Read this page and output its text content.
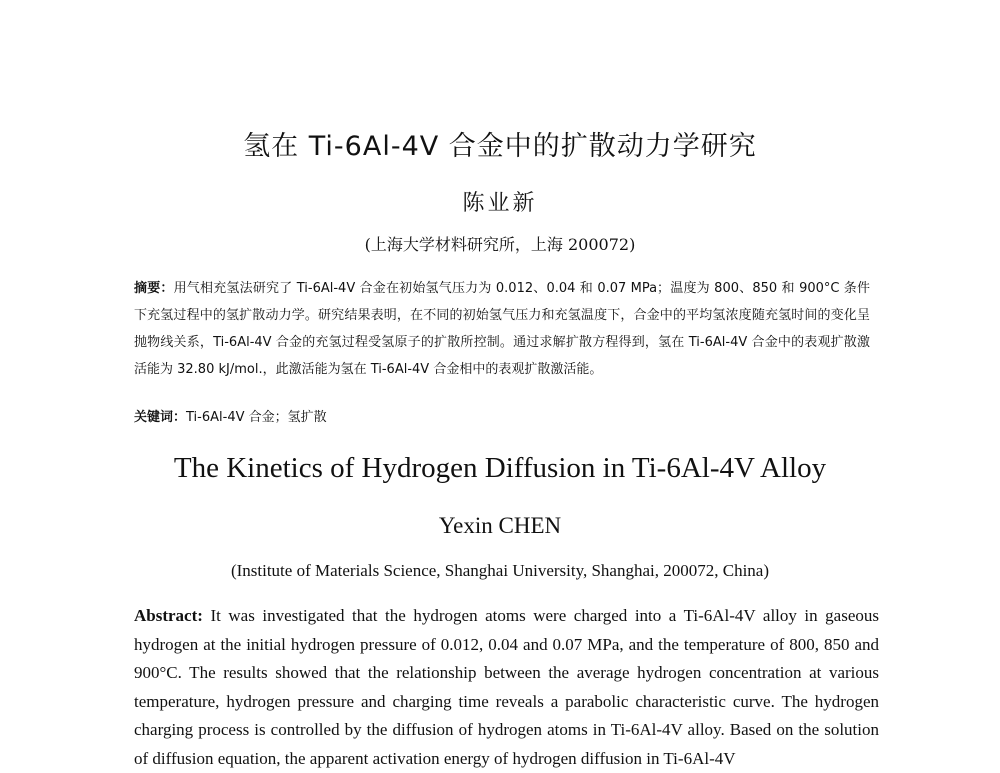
氢在 Ti-6Al-4V 合金中的扩散动力学研究
陈业新
(上海大学材料研究所，上海 200072)
摘要：用气相充氢法研究了 Ti-6Al-4V 合金在初始氢气压力为 0.012、0.04 和 0.07 MPa；温度为 800、850 和 900°C 条件下充氢过程中的氢扩散动力学。研究结果表明，在不同的初始氢气压力和充氢温度下，合金中的平均氢浓度随充氢时间的变化呈抛物线关系，Ti-6Al-4V 合金的充氢过程受氢原子的扩散所控制。通过求解扩散方程得到，氢在 Ti-6Al-4V 合金中的表观扩散激活能为 32.80 kJ/mol.，此激活能为氢在 Ti-6Al-4V 合金相中的表观扩散激活能。
关键词：Ti-6Al-4V 合金；氢扩散
The Kinetics of Hydrogen Diffusion in Ti-6Al-4V Alloy
Yexin CHEN
(Institute of Materials Science, Shanghai University, Shanghai, 200072, China)
Abstract: It was investigated that the hydrogen atoms were charged into a Ti-6Al-4V alloy in gaseous hydrogen at the initial hydrogen pressure of 0.012, 0.04 and 0.07 MPa, and the temperature of 800, 850 and 900°C. The results showed that the relationship between the average hydrogen concentration at various temperature, hydrogen pressure and charging time reveals a parabolic characteristic curve. The hydrogen charging process is controlled by the diffusion of hydrogen atoms in Ti-6Al-4V alloy. Based on the solution of diffusion equation, the apparent activation energy of hydrogen diffusion in Ti-6Al-4V
